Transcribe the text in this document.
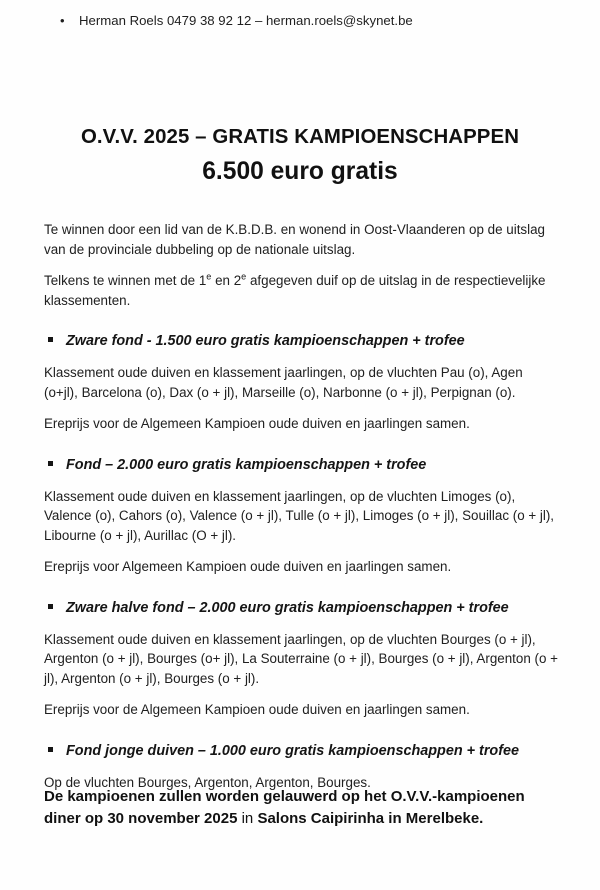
•	Herman Roels 0479 38 92 12 – herman.roels@skynet.be
O.V.V. 2025 – GRATIS KAMPIOENSCHAPPEN
6.500 euro gratis

Te winnen door een lid van de K.B.D.B. en wonend in Oost-Vlaanderen op de uitslag van de provinciale dubbeling op de nationale uitslag.

Telkens te winnen met de 1e en 2e afgegeven duif op de uitslag in de respectievelijke klassementen.

Zware fond - 1.500 euro gratis kampioenschappen + trofee

Klassement oude duiven en klassement jaarlingen, op de vluchten Pau (o), Agen (o+jl), Barcelona (o), Dax (o + jl), Marseille (o), Narbonne (o + jl), Perpignan (o).

Ereprijs voor de Algemeen Kampioen oude duiven en jaarlingen samen.

Fond – 2.000 euro gratis kampioenschappen + trofee

Klassement oude duiven en klassement jaarlingen, op de vluchten Limoges (o), Valence (o), Cahors (o), Valence (o + jl), Tulle (o + jl), Limoges (o + jl), Souillac (o + jl), Libourne (o + jl), Aurillac (O + jl).

Ereprijs voor Algemeen Kampioen oude duiven en jaarlingen samen.

Zware halve fond – 2.000 euro gratis kampioenschappen + trofee

Klassement oude duiven en klassement jaarlingen, op de vluchten Bourges (o + jl), Argenton (o + jl), Bourges (o+ jl), La Souterraine (o + jl), Bourges (o + jl), Argenton (o + jl), Argenton (o + jl), Bourges (o + jl).

Ereprijs voor de Algemeen Kampioen oude duiven en jaarlingen samen.

Fond jonge duiven – 1.000 euro gratis kampioenschappen + trofee

Op de vluchten Bourges, Argenton, Argenton, Bourges.

De kampioenen zullen worden gelauwerd op het O.V.V.-kampioenen diner op 30 november 2025 in Salons Caipirinha in Merelbeke.
